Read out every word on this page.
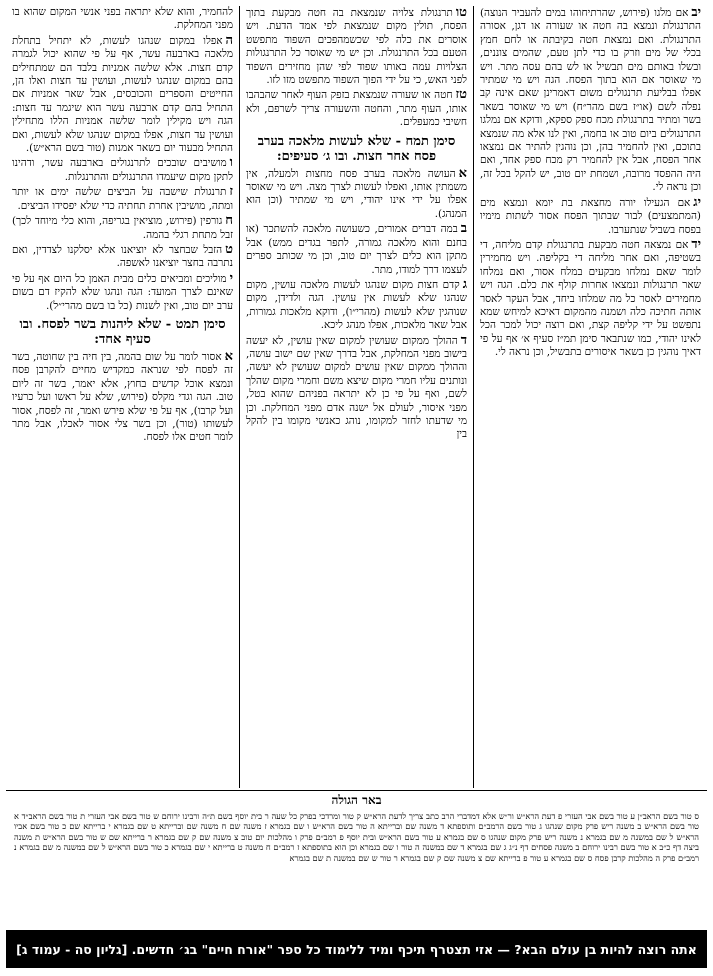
יבאם מלגו (פירוש, שהרתיחוהו במים להעביר הנוצה) התרנגולת ונמצא בה חטה או שעורה או דגן, אסורה התרנגולת. ואם נמצאת חטה בקיבתה או לחם חמץ בכלי של מים וזרק בו כדי לתן טעם, שהמים צוננים, ובשלו באותם מים תבשיל או לש בהם עסה מתר. ויש מי שאוסר אם הוא בתוך הפסח. הגה ויש מי שמתיר אפלו בבליעת תרנגולים משום דאמרינן שאם אינה קב נפלה לשם (או״ז בשם מהר״ח) ויש מי שאוסר בשאר בשר ומתיר בתרנגולת מכח ספק ספקא, ודוקא אם נמלגו התרנגולים ביום טוב או בחמה, ואין לנו אלא מה שנמצא בתוכם, ואין להחמיר בהן, וכן נוהגין להתיר אם נמצאו אחר הפסח, אבל אין להחמיר רק מכח ספק אחד, ואם היה ההפסד מרובה, ושמחת יום טוב, יש להקל בכל זה, וכן נראה לי.

יגאם הגעילו יורה מחצאת בת יומא ונמצא מים (המתמצעים) לבור שבתוך הפסח אסור לשתות מימיו בפסח בשביל שנתערבו.

ידאם נמצאה חטה מבקעת בתרנגולת קדם מליחה, די בשטיפה, ואם אחר מליחה די בקליפה. ויש מחמירין לומר שאם נמלחו מבקעים במלח אסור, ואם נמלחו שאר תרנגולות ונמצאו אחרות קולף את כלם. הגה ויש מחמירים לאסר כל מה שמלחו ביחד, אבל העקר לאסר אותה חתיכה כלה ושמנה מהמקום דאיכא למיחש שמא נתפשט על ידי קליפה קצת, ואם רוצה יכול למכר הכל לאינו יהודי, כמו שנתבאר סימן תמ״ז סעיף א׳ אף על פי דאיך נוהגין כן בשאר איסורים בתבשיל, וכן נראה לי.

טותרנגולת צלויה שנמצאת בה חטה מבקעת בתוך הפסח, תולין מקום שנמצאת לפי אמד הדעת. ויש אוסרים את כלה לפי שכשמהפכים השפוד מתפשט הטעם בכל התרנגולת. וכן יש מי שאוסר כל התרנגולות הצלויות עמה באותו שפוד לפי שהן מחזירים השפוד לפני האש, כי על ידי הפוך השפוד מתפשט מזו לזו.

טזחטה או שעורה שנמצאת בזפק העוף לאחר שהבהבו אותו, העוף מתר, והחטה והשעורה צריך לשרפם, ולא חשיבי כמעפלים.

סימן תמח - שלא לעשות מלאכה בערב פסח אחר חצות. ובו ג׳ סעיפים:

אהעושה מלאכה בערב פסח מחצות ולמעלה, אין משמתין אותו, ואפלו לעשות לצרך מצה. ויש מי שאוסר אפלו על ידי אינו יהודי, ויש מי שמתיר (וכן הוא המנהג).

בבמה דברים אמורים, כשעושה מלאכה להשתכר (או בחנם והוא מלאכה גמורה, לתפר בגדים ממש) אבל מתקן הוא כלים לצרך יום טוב, וכן מי שכותב ספרים לעצמו דרך למודו, מתר.

גקדם חצות מקום שנהגו לעשות מלאכה עושין, מקום שנהגו שלא לעשות אין עושין. הגה ולדידן, מקום שנוהגין שלא לעשות (מהרי״ו), ודוקא מלאכות גמורות, אבל שאר מלאכות, אפלו מנהג ליכא.

דההולך ממקום שעושין למקום שאין עושין, לא יעשה בישוב מפני המחלקת, אבל בדרך שאין שם ישוב עושה, וההולך ממקום שאין עושים למקום שעושין לא יעשה, ונותנים עליו חמרי מקום שיצא משם וחמרי מקום שהלך לשם, ואף על פי כן לא יתראה בפניהם שהוא בטל, מפני איסור, לעולם אל ישנה אדם מפני המחלקת. וכן מי שדעתו לחזר למקומו, נוהג כאנשי מקומו בין להקל בין

להחמיר, והוא שלא יתראה בפני אנשי המקום שהוא בו מפני המחלקת.

האפלו במקום שנהגו לעשות, לא יתחיל בתחלת מלאכה בארבעה עשר, אף על פי שהוא יכול לגמרה קדם חצות. אלא שלשה אמניות בלבד הם שמתחילים בהם במקום שנהגו לעשות, ועושין עד חצות ואלו הן, החייטים והספרים והכובסים, אבל שאר אמניות אם התחיל בהם קדם ארבעה עשר הוא שיגמר עד חצות: הגה ויש מקילין לומר שלשה אמניות הללו מתחילין ועושין עד חצות, אפלו במקום שנהגו שלא לעשות, ואם התחיל מבעוד יום בשאר אמנות (טור בשם הרא״ש).

ומושיבים שובכים לתרנגולים בארבעה עשר, ודהינו לתקן מקום שיעמדו התרנגולים והתרנגלות.

זתרנגולת שישבה על הביצים שלשה ימים או יותר ומתה, מושיבין אחרת תחתיה כדי שלא יפסידו הביצים.

חגורפין (פירוש, מוציאין בגריפה, והוא כלי מיוחד לכך) זבל מתחת רגלי בהמה.

טהזבל שבחצר לא יוציאנו אלא יסלקנו לצדדין, ואם נתרבה בחצר יוציאנו לאשפה.

ימוליכים ומביאים כלים מבית האמן כל היום אף על פי שאינם לצרך המועד: הגה ונהגו שלא להקיז דם בשום ערב יום טוב, ואין לשנות (כל בו בשם מהרי״ל).

סימן תמט - שלא ליהנות בשר לפסח. ובו סעיף אחד:

אאסור לומר על שום בהמה, בין חיה בין שחוטה, בשר זה לפסח לפי שנראה כמקדיש מחיים להקרבן פסח ונמצא אוכל קדשים בחוץ, אלא יאמר, בשר זה ליום טוב. הגה וגדי מקלס (פירוש, שלא על ראשו ועל כרעיו ועל קרבו), אף על פי שלא פירש ואמר, זה לפסח, אסור לעשותו (טור), וכן בשר צלי אסור לאכלו, אבל מתר לומר חטים אלו לפסח.

באר הגולה
ס טור בשם הראב״ן ע טור בשם אבי העזרי פ דעת הרא״ש ור״ש אלא דמדברי הרב כתב צריך לדעת הרא״ש ק טור ומרדכי בפרק כל שעה ר בית יוסף בשם ת״ה ורבינו ירוחם ש טור בשם אבי העזרי ת טור בשם הראב״ד א טור בשם הרא״ש ב משנה ריש פרק מקום שנהגו ג טור בשם הרמב״ם ותוספתא ד משנה שם וברייתא ה טור בשם הרא״ש ו שם בגמרא ז משנה שם ח משנה שם וברייתא ט שם בגמרא י ברייתא שם כ טור בשם אביו הרא״ש ל שם במשנה מ שם בגמרא נ משנה ריש פרק מקום שנהגו ס שם בגמרא ע טור בשם הרא״ש ובית יוסף פ רמב״ם פרק ו מהלכות יום טוב צ משנה שם ק שם בגמרא ר ברייתא שם ש טור בשם הרא״ש ת משנה ביצה דף כ״ב א טור בשם רבינו ירוחם ב משנה פסחים דף נ״ג ג שם בגמרא ד שם במשנה ה טור ו שם בגמרא וכן הוא בתוספתא ז רמב״ם ח משנה ט ברייתא י שם בגמרא כ טור בשם הרא״ש ל שם במשנה מ שם בגמרא נ רמב״ם פרק ה מהלכות קרבן פסח ס שם בגמרא ע טור פ ברייתא שם צ משנה שם ק שם בגמרא ר טור ש שם במשנה ת שם בגמרא
אתה רוצה להיות בן עולם הבא? — אזי תצטרף תיכף ומיד ללימוד כל ספר "אורח חיים" בג׳ חדשים. [גליון סה - עמוד ג]
